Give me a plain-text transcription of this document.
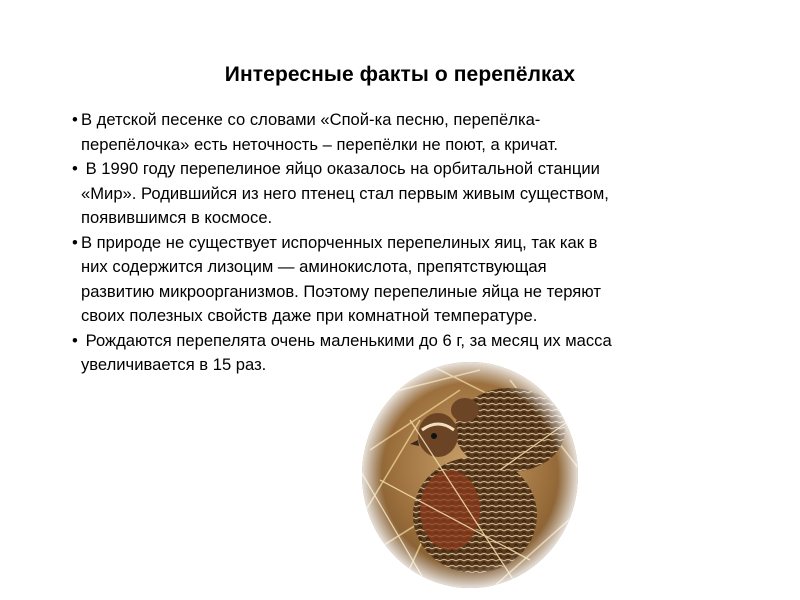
Интересные факты о перепёлках
• В детской песенке со словами «Спой-ка песню, перепёлка-
перепёлочка» есть неточность – перепёлки не поют, а кричат.
• В 1990 году перепелиное яйцо оказалось на орбитальной станции
«Мир». Родившийся из него птенец стал первым живым существом,
появившимся в космосе.
• В природе не существует испорченных перепелиных яиц, так как в
них содержится лизоцим — аминокислота, препятствующая
развитию микроорганизмов. Поэтому перепелиные яйца не теряют
своих полезных свойств даже при комнатной температуре.
• Рождаются перепелята очень маленькими до 6 г, за месяц их масса
увеличивается в 15 раз.
